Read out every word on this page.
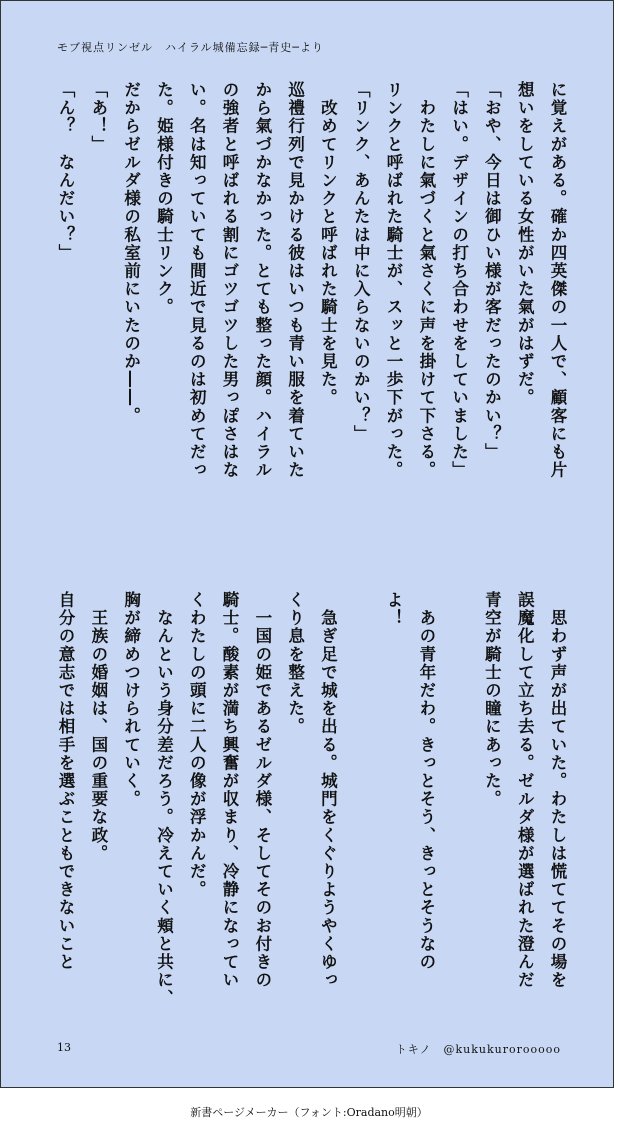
モブ視点リンゼル　ハイラル城備忘録─青史─より
に覚えがある。確か四英傑の一人で、顧客にも片
想いをしている女性がいた氣がはずだ。
「おや、今日は御ひい様が客だったのかい？」
「はい。デザインの打ち合わせをしていました」
　わたしに氣づくと氣さくに声を掛けて下さる。
リンクと呼ばれた騎士が、スッと一歩下がった。
「リンク、あんたは中に入らないのかい？」
　改めてリンクと呼ばれた騎士を見た。
巡禮行列で見かける彼はいつも青い服を着ていた
から氣づかなかった。とても整った顔。ハイラル
の強者と呼ばれる割にゴツゴツした男っぽさはな
い。名は知っていても間近で見るのは初めてだっ
た。姫様付きの騎士リンク。
だからゼルダ様の私室前にいたのか――。
「あ！」
「ん？　なんだい？」
　思わず声が出ていた。わたしは慌ててその場を
誤魔化して立ち去る。ゼルダ様が選ばれた澄んだ
青空が騎士の瞳にあった。
　あの青年だわ。きっとそう、きっとそうなの
よ！
　急ぎ足で城を出る。城門をくぐりようやくゆっ
くり息を整えた。
　一国の姫であるゼルダ様、そしてそのお付きの
騎士。酸素が満ち興奮が収まり、冷静になってい
くわたしの頭に二人の像が浮かんだ。
　なんという身分差だろう。冷えていく頬と共に、
胸が締めつけられていく。
　王族の婚姻は、国の重要な政。
自分の意志では相手を選ぶこともできないこと
13	トキノ　@kukukurorooooo
新書ページメーカー（フォント:Oradano明朝）
